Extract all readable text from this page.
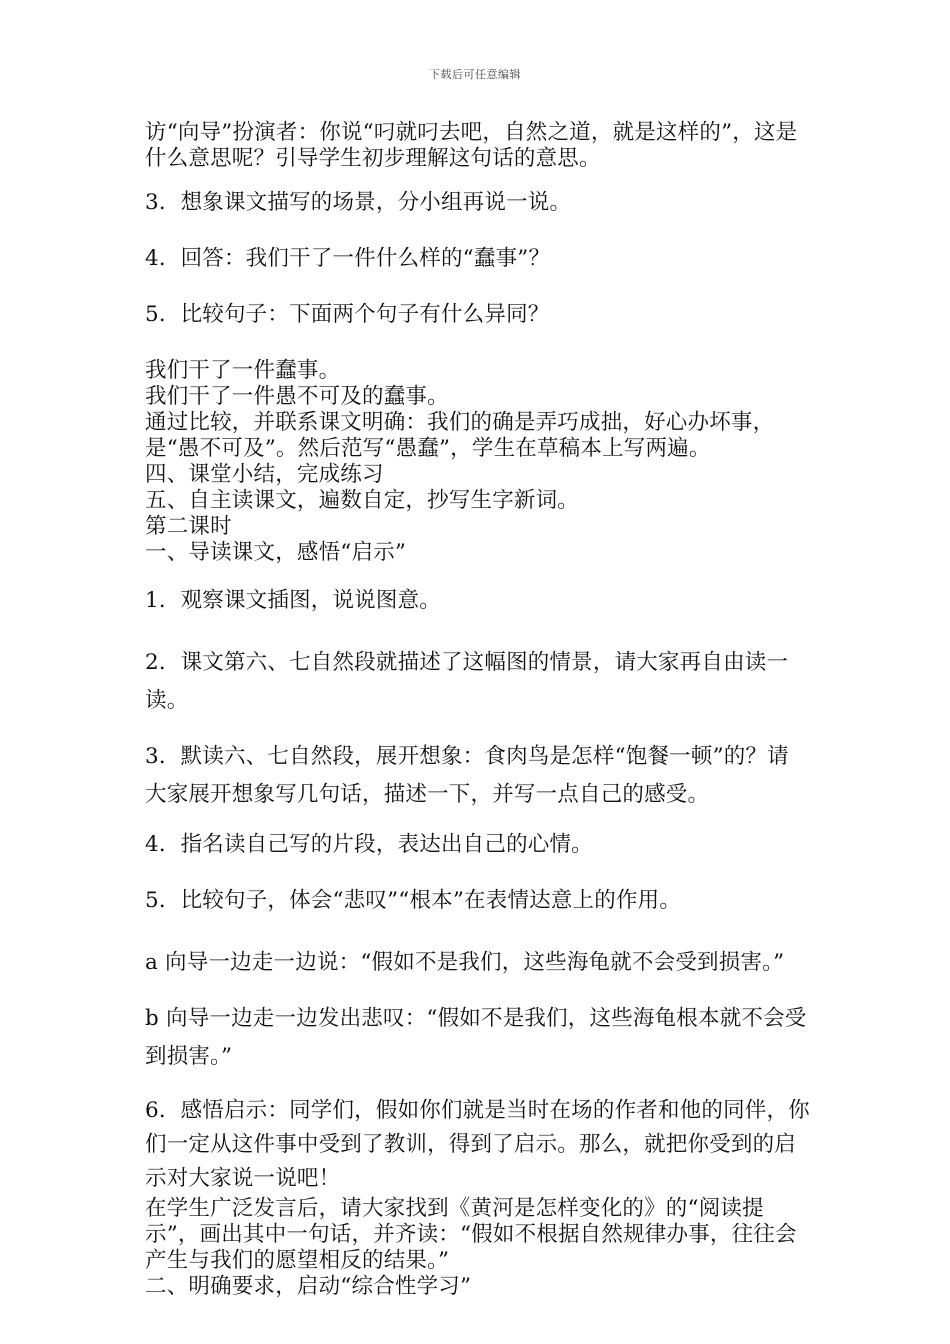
下载后可任意编辑

访“向导”扮演者：你说“叼就叼去吧，自然之道，就是这样的”，这是什么意思呢？引导学生初步理解这句话的意思。

3．想象课文描写的场景，分小组再说一说。

4．回答：我们干了一件什么样的“蠢事”？

5．比较句子：下面两个句子有什么异同？

我们干了一件蠢事。

我们干了一件愚不可及的蠢事。

通过比较，并联系课文明确：我们的确是弄巧成拙，好心办坏事，是“愚不可及”。然后范写“愚蠢”，学生在草稿本上写两遍。

四、课堂小结，完成练习

五、自主读课文，遍数自定，抄写生字新词。

第二课时

一、导读课文，感悟“启示”

1．观察课文插图，说说图意。

2．课文第六、七自然段就描述了这幅图的情景，请大家再自由读一读。

3．默读六、七自然段，展开想象：食肉鸟是怎样“饱餐一顿”的？请大家展开想象写几句话，描述一下，并写一点自己的感受。

4．指名读自己写的片段，表达出自己的心情。

5．比较句子，体会“悲叹”“根本”在表情达意上的作用。

a 向导一边走一边说：“假如不是我们，这些海龟就不会受到损害。”

b 向导一边走一边发出悲叹：“假如不是我们，这些海龟根本就不会受到损害。”

6．感悟启示：同学们，假如你们就是当时在场的作者和他的同伴，你们一定从这件事中受到了教训，得到了启示。那么，就把你受到的启示对大家说一说吧！

在学生广泛发言后，请大家找到《黄河是怎样变化的》的“阅读提示”，画出其中一句话，并齐读：“假如不根据自然规律办事，往往会产生与我们的愿望相反的结果。”

二、明确要求，启动“综合性学习”
